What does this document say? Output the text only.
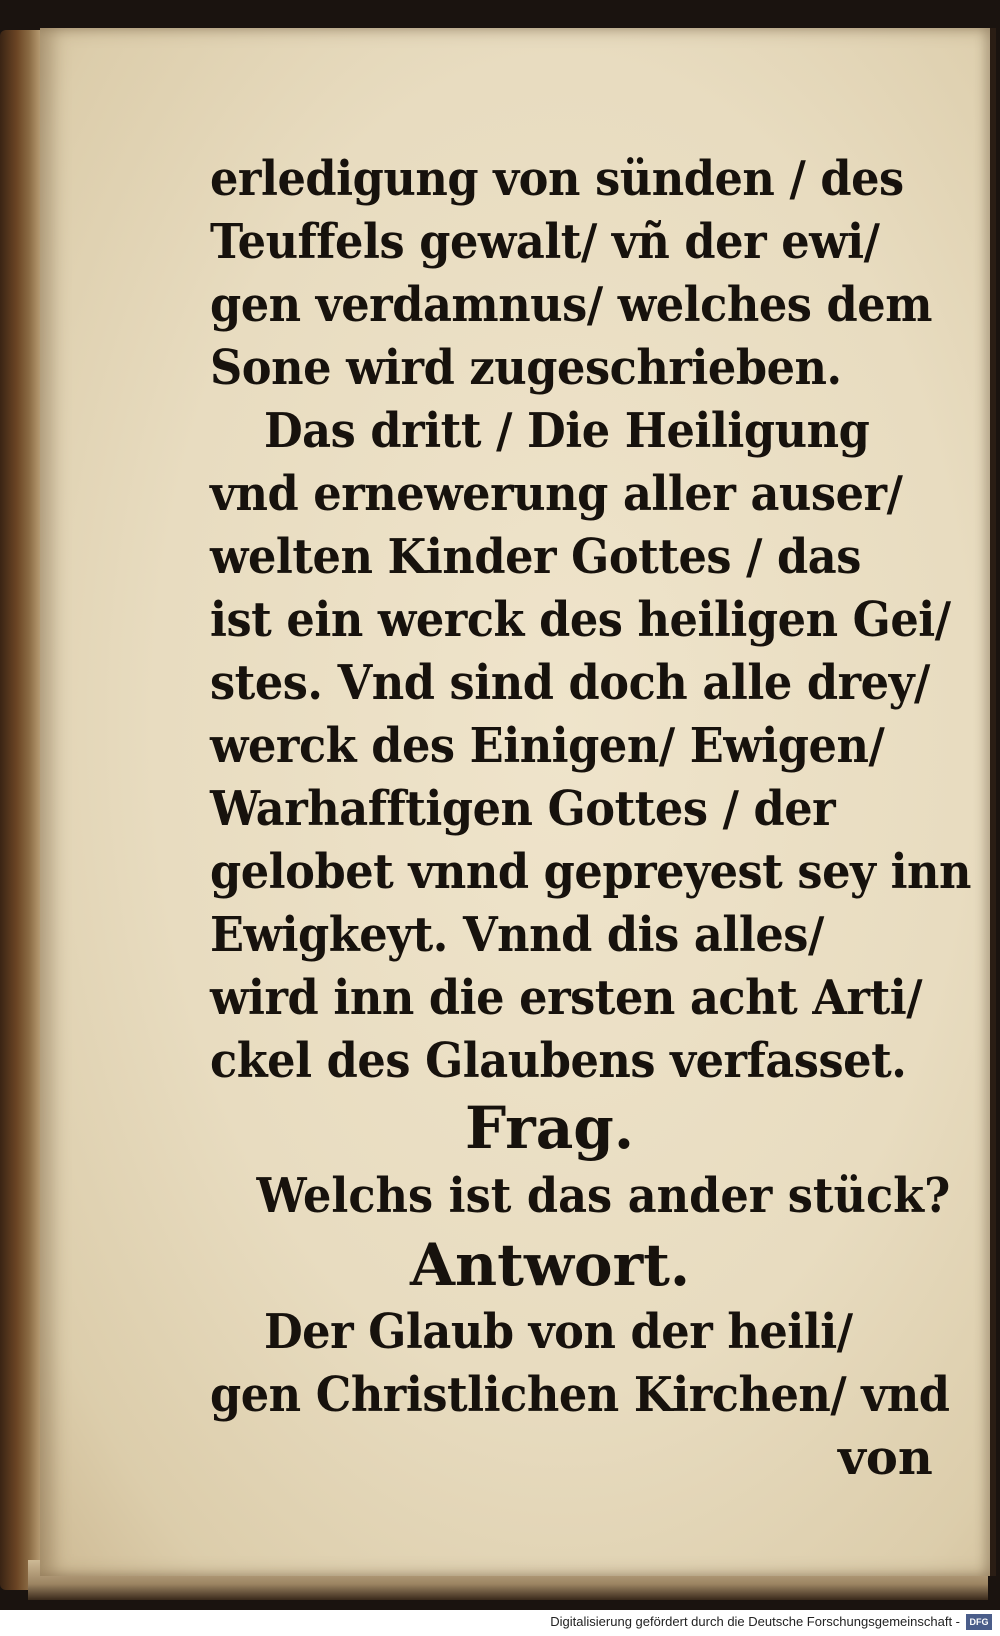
erledigung von sünden / des
Teuffels gewalt/ vñ der ewi/
gen verdamnus/ welches dem
Sone wird zugeschrieben.
Das dritt / Die Heiligung
vnd ernewerung aller auser/
welten Kinder Gottes / das
ist ein werck des heiligen Gei/
stes. Vnd sind doch alle drey/
werck des Einigen/ Ewigen/
Warhafftigen Gottes / der
gelobet vnnd gepreyest sey inn
Ewigkeyt. Vnnd dis alles/
wird inn die ersten acht Arti/
ckel des Glaubens verfasset.
Frag.
Welchs ist das ander stück?
Antwort.
Der Glaub von der heili/
gen Christlichen Kirchen/ vnd
von
Digitalisierung gefördert durch die Deutsche Forschungsgemeinschaft -	DFG
